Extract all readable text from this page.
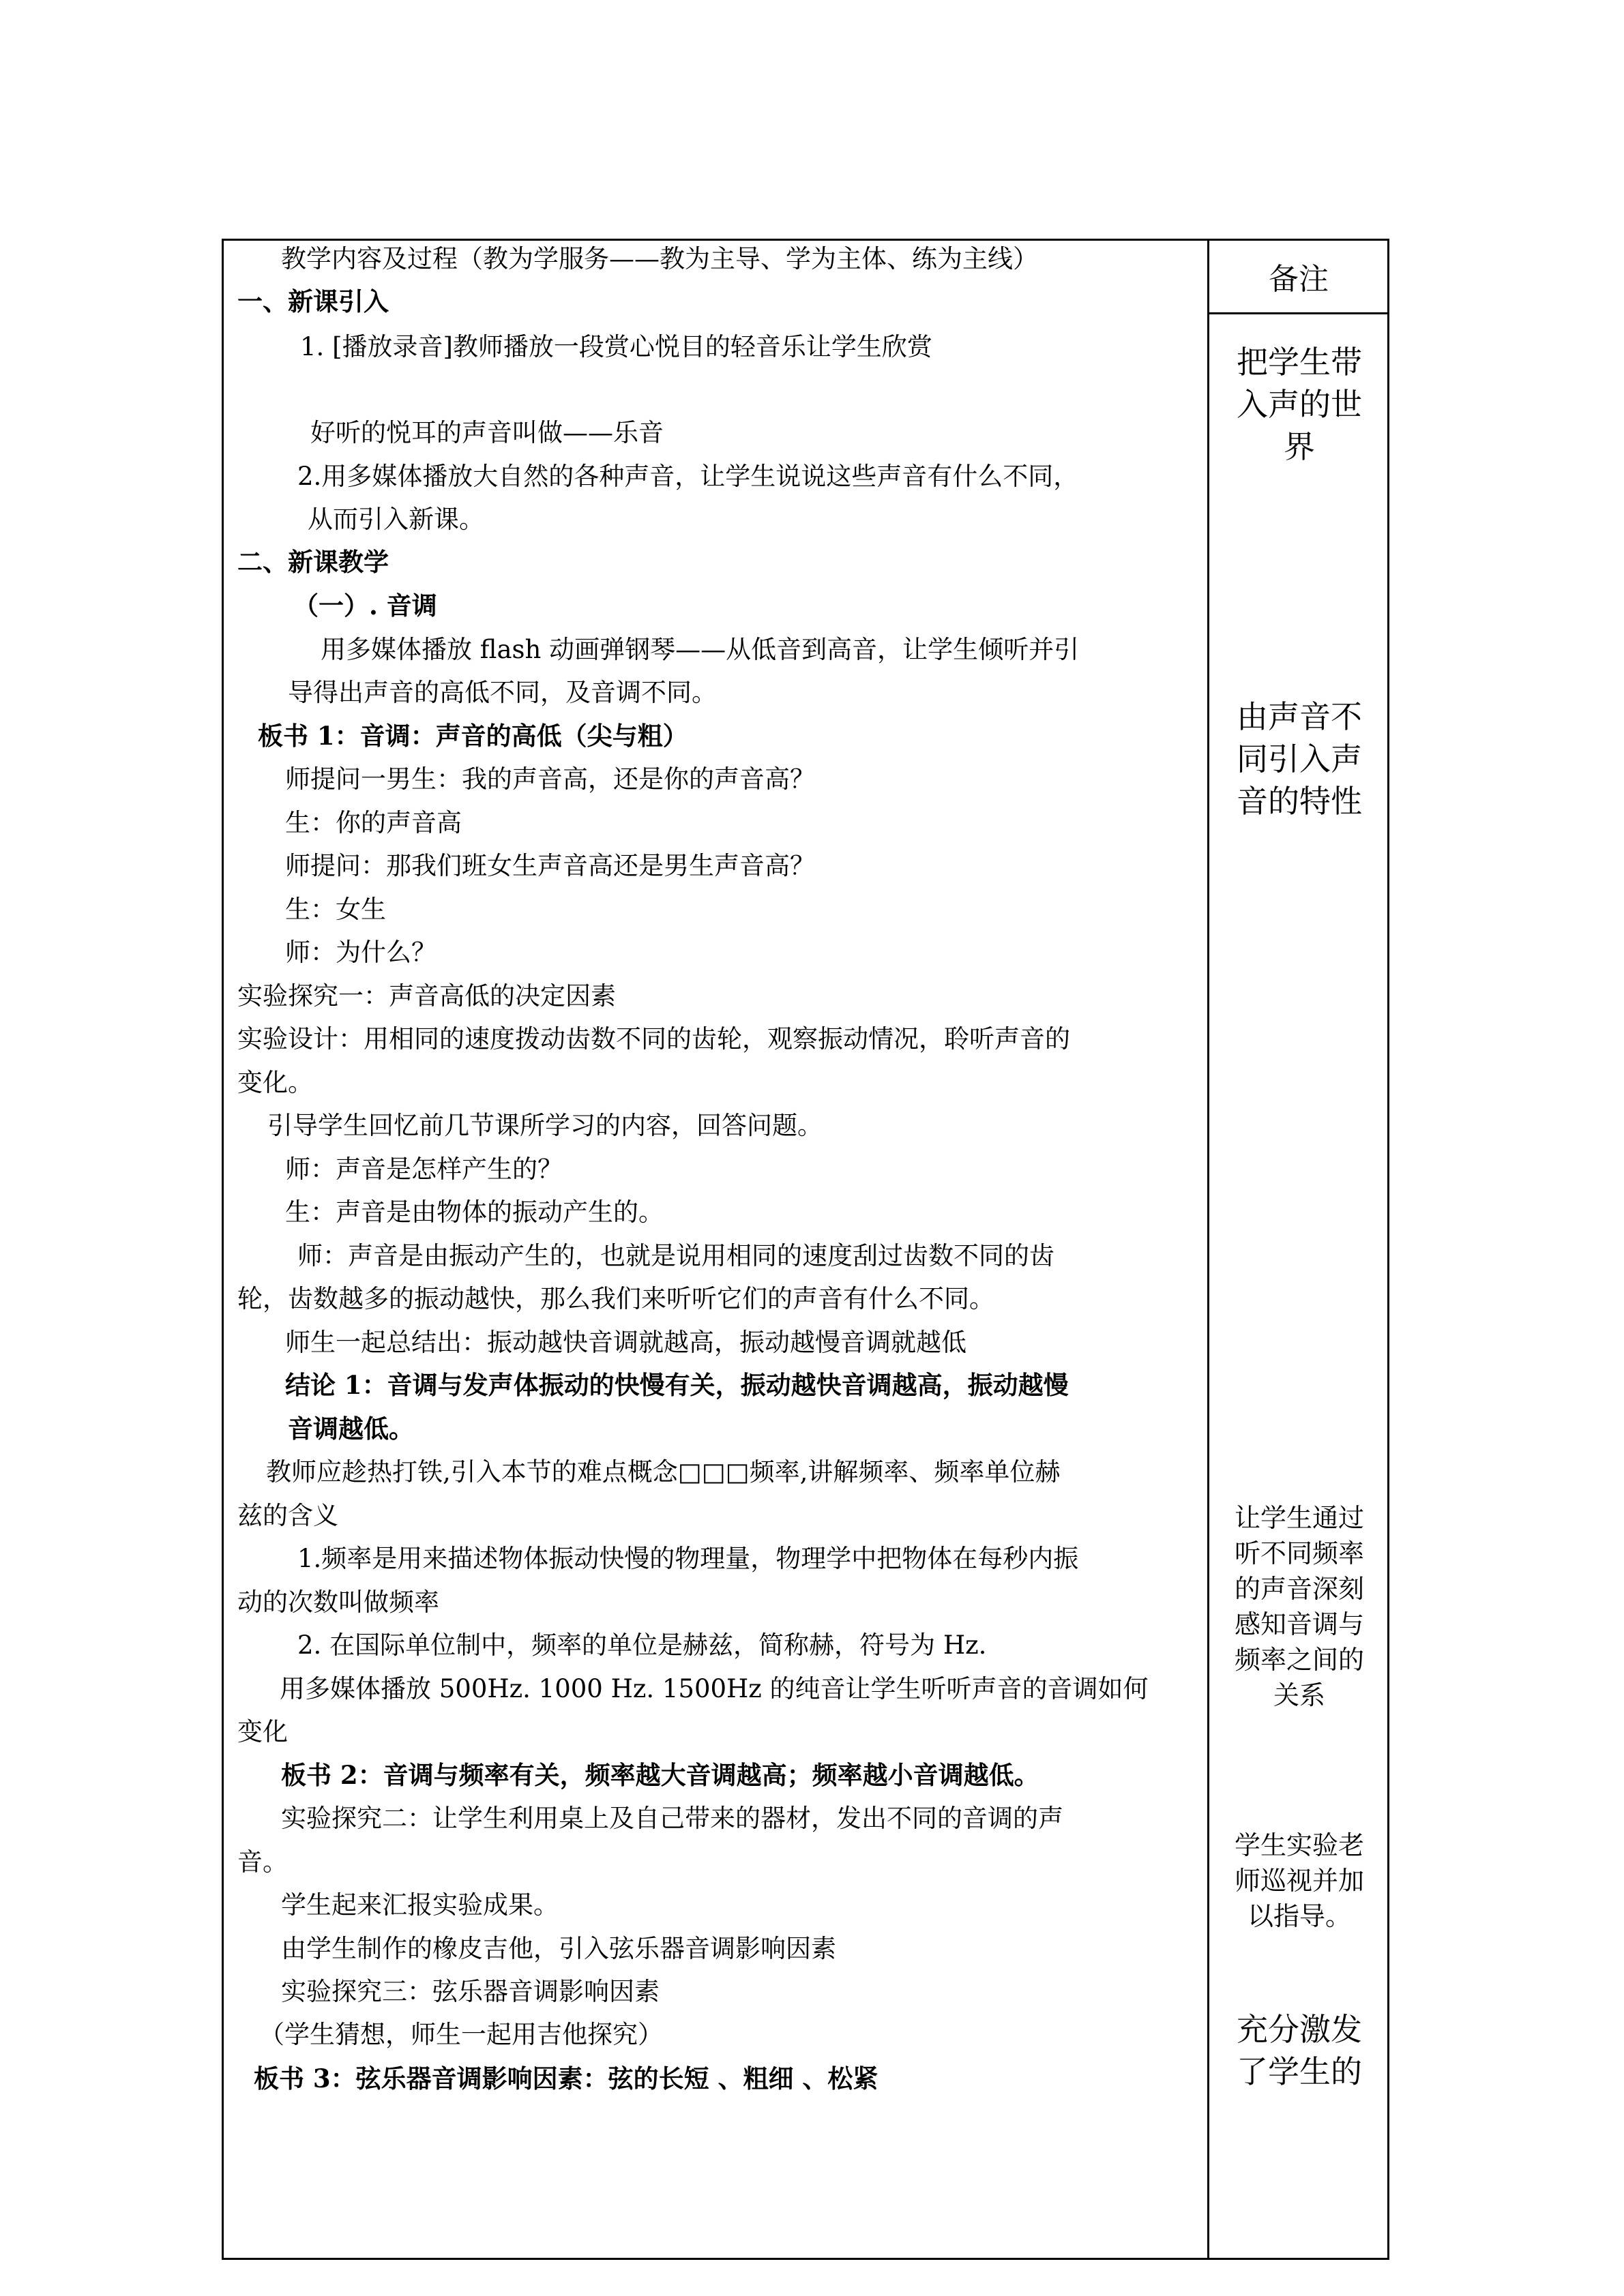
备注
教学内容及过程（教为学服务——教为主导、学为主体、练为主线）
一、新课引入
1. [播放录音]教师播放一段赏心悦目的轻音乐让学生欣赏
好听的悦耳的声音叫做——乐音
2.用多媒体播放大自然的各种声音，让学生说说这些声音有什么不同，
从而引入新课。
二、新课教学
（一）. 音调
用多媒体播放 flash 动画弹钢琴——从低音到高音，让学生倾听并引
导得出声音的高低不同，及音调不同。
板书 1：音调：声音的高低（尖与粗）
师提问一男生：我的声音高，还是你的声音高？
生：你的声音高
师提问：那我们班女生声音高还是男生声音高？
生：女生
师：为什么？
实验探究一：声音高低的决定因素
实验设计：用相同的速度拨动齿数不同的齿轮，观察振动情况，聆听声音的
变化。
引导学生回忆前几节课所学习的内容，回答问题。
师：声音是怎样产生的？
生：声音是由物体的振动产生的。
师：声音是由振动产生的，也就是说用相同的速度刮过齿数不同的齿
轮，齿数越多的振动越快，那么我们来听听它们的声音有什么不同。
师生一起总结出：振动越快音调就越高，振动越慢音调就越低
结论 1：音调与发声体振动的快慢有关，振动越快音调越高，振动越慢
音调越低。
教师应趁热打铁,引入本节的难点概念□□□频率,讲解频率、频率单位赫
兹的含义
1.频率是用来描述物体振动快慢的物理量，物理学中把物体在每秒内振
动的次数叫做频率
2. 在国际单位制中，频率的单位是赫兹，简称赫，符号为 Hz.
用多媒体播放 500Hz. 1000 Hz. 1500Hz 的纯音让学生听听声音的音调如何
变化
板书 2：音调与频率有关，频率越大音调越高；频率越小音调越低。
实验探究二：让学生利用桌上及自己带来的器材，发出不同的音调的声
音。
学生起来汇报实验成果。
由学生制作的橡皮吉他，引入弦乐器音调影响因素
实验探究三：弦乐器音调影响因素
（学生猜想，师生一起用吉他探究）
板书 3：弦乐器音调影响因素：弦的长短 、粗细 、松紧
把学生带
入声的世
界
由声音不
同引入声
音的特性
让学生通过
听不同频率
的声音深刻
感知音调与
频率之间的
关系
学生实验老
师巡视并加
以指导。
充分激发
了学生的
